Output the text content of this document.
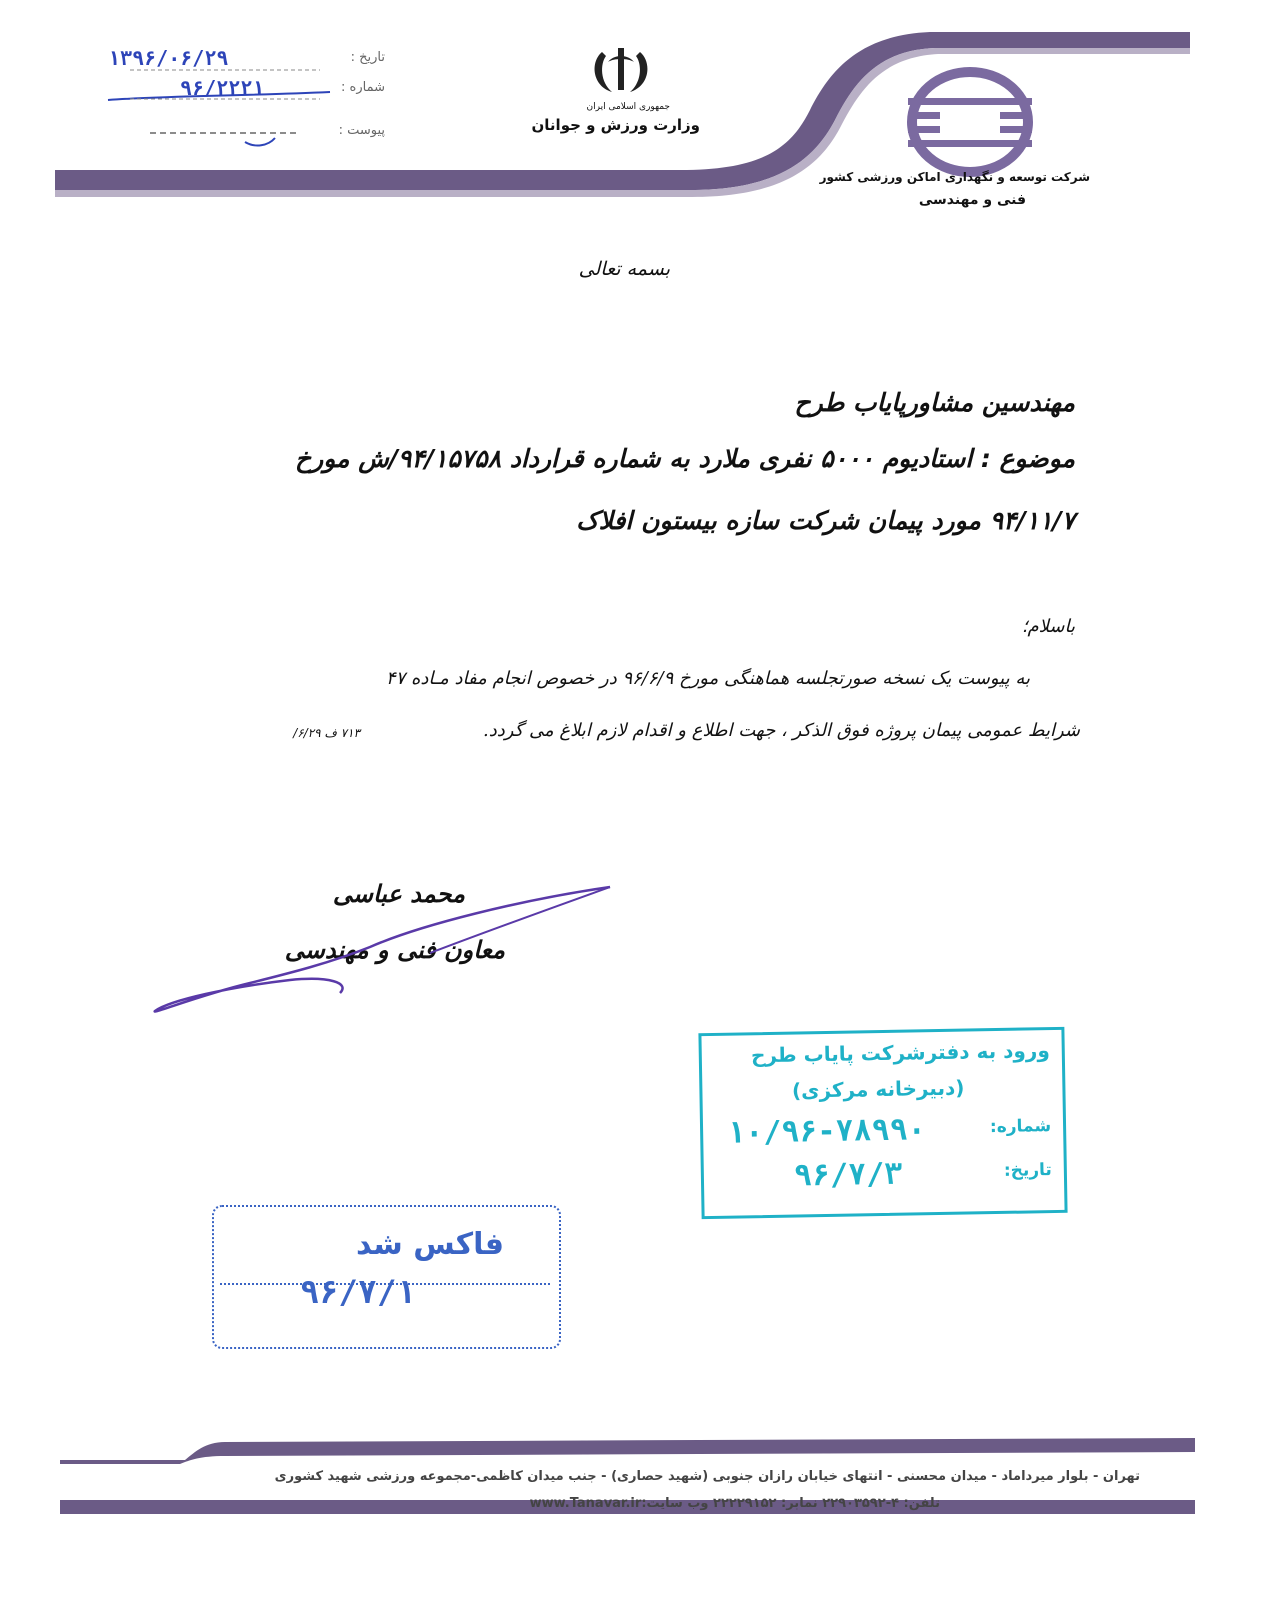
جمهوری اسلامی ایران
وزارت ورزش و جوانان
شرکت توسعه و نگهداری اماکن ورزشی کشور
فنی و مهندسی
تاریخ :
۱۳۹۶/۰۶/۲۹
شماره :
۹۶/۲۲۲۱
پیوست :
بسمه تعالی
مهندسین مشاورپایاب طرح
موضوع : استادیوم ۵۰۰۰ نفری ملارد به شماره قرارداد ۹۴/۱۵۷۵۸/ش مورخ
۹۴/۱۱/۷ مورد پیمان شرکت سازه بیستون افلاک
باسلام؛
به پیوست یک نسخه صورتجلسه هماهنگی مورخ ۹۶/۶/۹ در خصوص انجام مفاد مـاده ۴۷
شرایط عمومی پیمان پروژه فوق الذکر ، جهت اطلاع و اقدام لازم ابلاغ می گردد.
۷۱۳ ف ۶/۲۹/
محمد عباسی
معاون فنی و مهندسی
ورود به دفترشرکت پایاب طرح
(دبیرخانه مرکزی)
شماره:
۱۰/۹۶-۷۸۹۹۰
تاریخ:
۹۶/۷/۳
فاکس شد
۹۶/۷/۱
تهران - بلوار میرداماد - میدان محسنی - انتهای خیابان رازان جنوبی (شهید حصاری) - جنب میدان کاظمی-مجموعه ورزشی شهید کشوری
تلفن: ۴-۲۲۹۰۳۵۹۲ نمابر: ۲۲۲۲۹۱۵۲ وب سایت:www.Tanavar.ir
